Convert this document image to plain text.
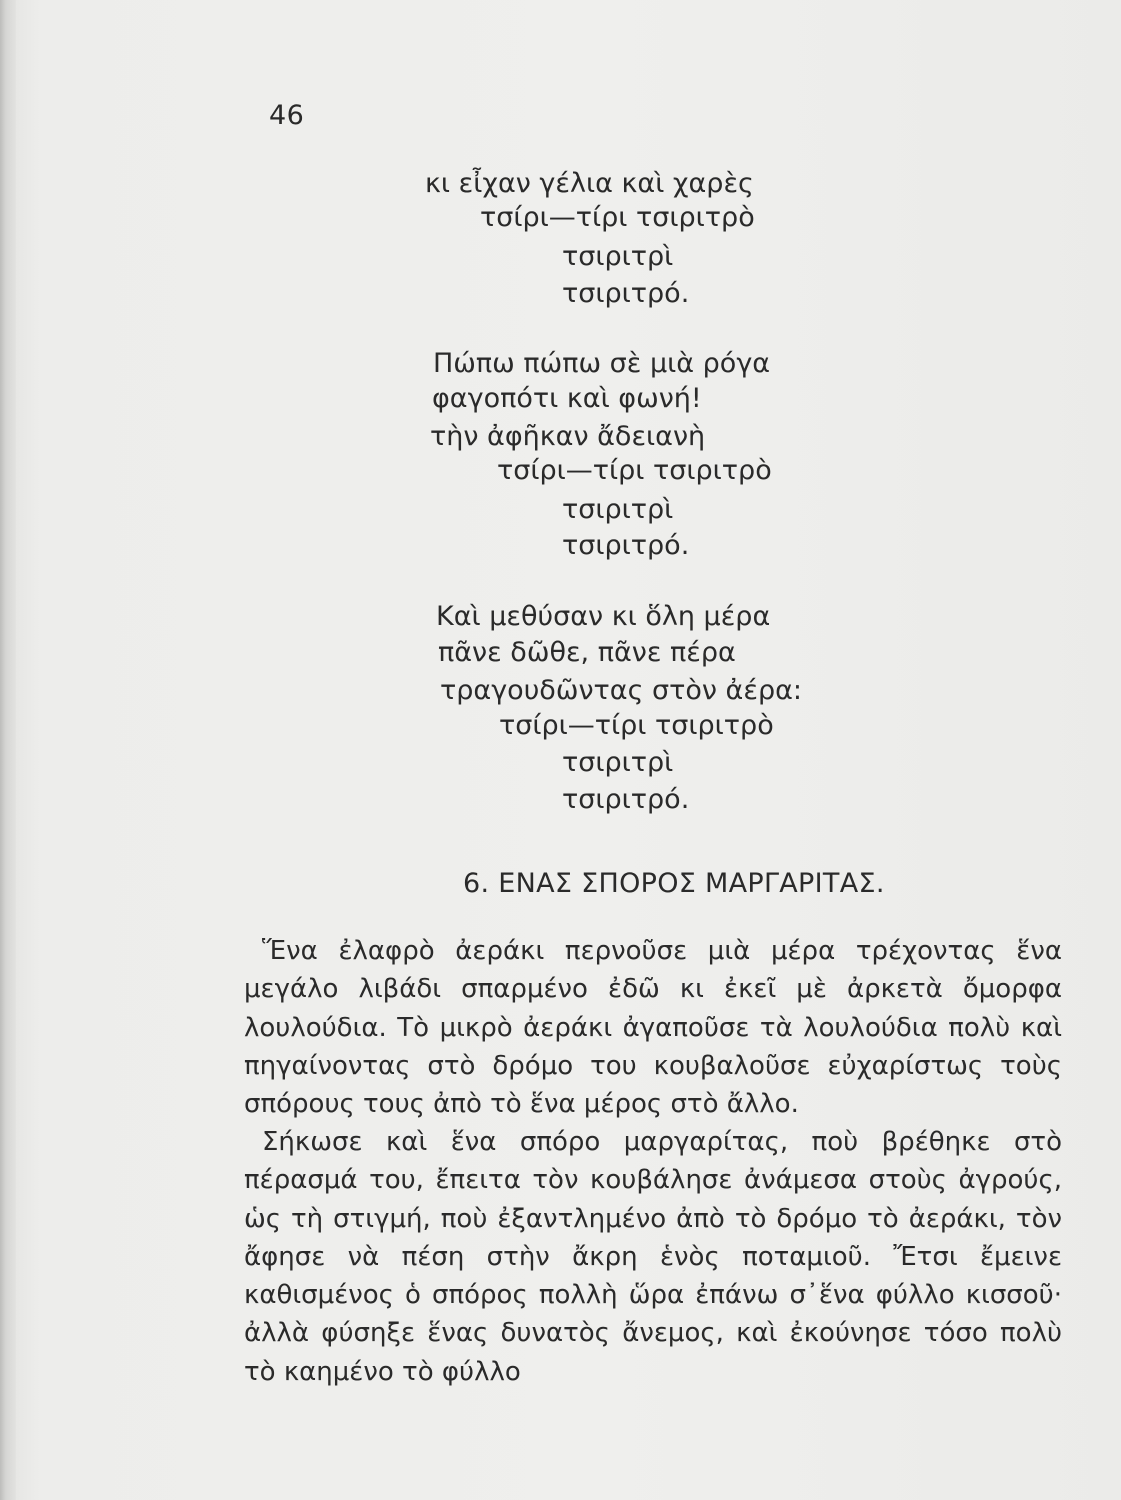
46
κι εἶχαν γέλια καὶ χαρὲς
τσίρι—τίρι τσιριτρὸ
τσιριτρὶ
τσιριτρό.
Πώπω πώπω σὲ μιὰ ρόγα
φαγοπότι καὶ φωνή!
τὴν ἀφῆκαν ἄδειανὴ
τσίρι—τίρι τσιριτρὸ
τσιριτρὶ
τσιριτρό.
Καὶ μεθύσαν κι ὅλη μέρα
πᾶνε δῶθε, πᾶνε πέρα
τραγουδῶντας στὸν ἀέρα:
τσίρι—τίρι τσιριτρὸ
τσιριτρὶ
τσιριτρό.
6. ΕΝΑΣ ΣΠΟΡΟΣ ΜΑΡΓΑΡΙΤΑΣ.

Ἕνα ἐλαφρὸ ἀεράκι περνοῦσε μιὰ μέρα τρέχοντας ἕνα μεγάλο λιβάδι σπαρμένο ἐδῶ κι ἐκεῖ μὲ ἀρκετὰ ὄμορφα λουλούδια. Τὸ μικρὸ ἀεράκι ἀγαποῦσε τὰ λουλούδια πολὺ καὶ πηγαίνοντας στὸ δρόμο του κουβαλοῦσε εὐχαρίστως τοὺς σπόρους τους ἀπὸ τὸ ἕνα μέρος στὸ ἄλλο.

Σήκωσε καὶ ἕνα σπόρο μαργαρίτας, ποὺ βρέθηκε στὸ πέρασμά του, ἔπειτα τὸν κουβάλησε ἀνάμεσα στοὺς ἀγρούς, ὡς τὴ στιγμή, ποὺ ἐξαντλημένο ἀπὸ τὸ δρόμο τὸ ἀεράκι, τὸν ἄφησε νὰ πέση στὴν ἄκρη ἑνὸς ποταμιοῦ. Ἔτσι ἔμεινε καθισμένος ὁ σπόρος πολλὴ ὥρα ἐπάνω σ᾿ἕνα φύλλο κισσοῦ· ἀλλὰ φύσηξε ἕνας δυνατὸς ἄνεμος, καὶ ἐκούνησε τόσο πολὺ τὸ καημένο τὸ φύλλο
